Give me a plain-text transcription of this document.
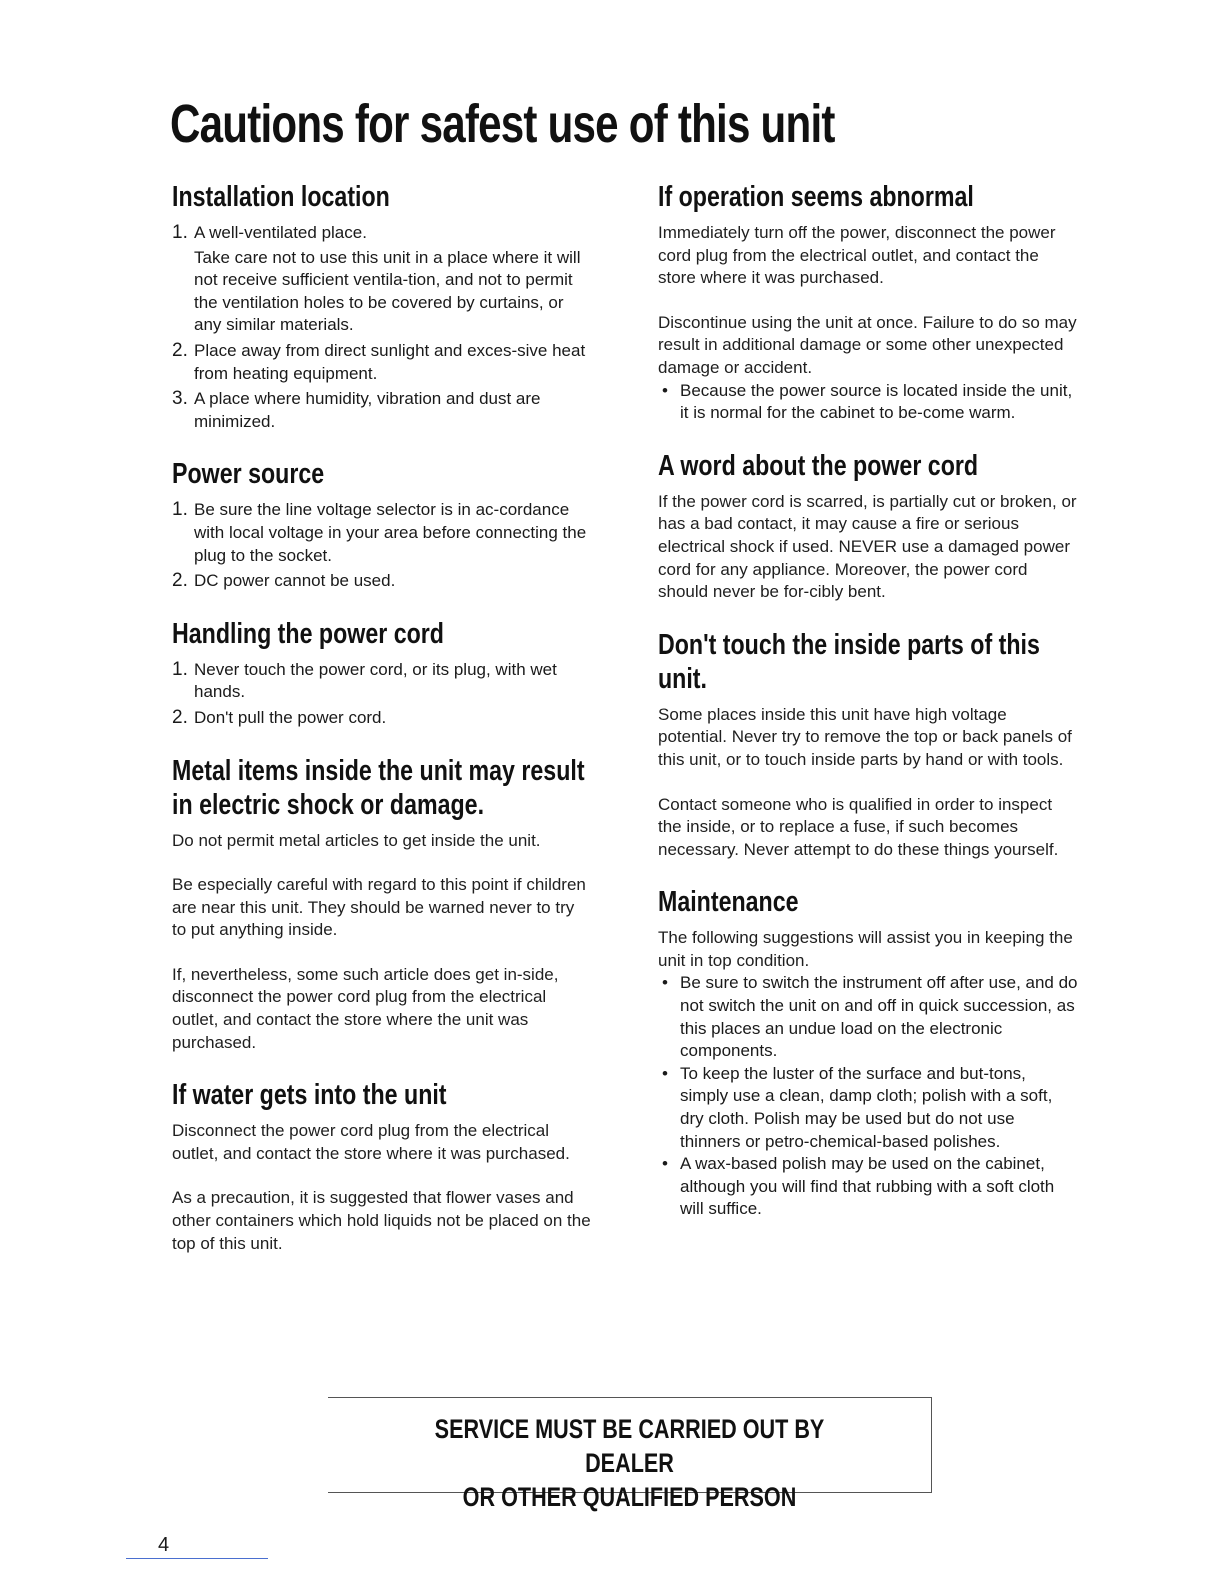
Cautions for safest use of this unit
Installation location
1. A well-ventilated place.
Take care not to use this unit in a place where it will not receive sufficient ventila-tion, and not to permit the ventilation holes to be covered by curtains, or any similar materials.
2. Place away from direct sunlight and exces-sive heat from heating equipment.
3. A place where humidity, vibration and dust are minimized.
Power source
1. Be sure the line voltage selector is in ac-cordance with local voltage in your area before connecting the plug to the socket.
2. DC power cannot be used.
Handling the power cord
1. Never touch the power cord, or its plug, with wet hands.
2. Don't pull the power cord.
Metal items inside the unit may result in electric shock or damage.

Do not permit metal articles to get inside the unit.

Be especially careful with regard to this point if children are near this unit. They should be warned never to try to put anything inside.

If, nevertheless, some such article does get in-side, disconnect the power cord plug from the electrical outlet, and contact the store where the unit was purchased.

If water gets into the unit

Disconnect the power cord plug from the electrical outlet, and contact the store where it was purchased.

As a precaution, it is suggested that flower vases and other containers which hold liquids not be placed on the top of this unit.

If operation seems abnormal

Immediately turn off the power, disconnect the power cord plug from the electrical outlet, and contact the store where it was purchased.

Discontinue using the unit at once. Failure to do so may result in additional damage or some other unexpected damage or accident.

• Because the power source is located inside the unit, it is normal for the cabinet to be-come warm.
A word about the power cord

If the power cord is scarred, is partially cut or broken, or has a bad contact, it may cause a fire or serious electrical shock if used. NEVER use a damaged power cord for any appliance. Moreover, the power cord should never be for-cibly bent.

Don't touch the inside parts of this unit.

Some places inside this unit have high voltage potential. Never try to remove the top or back panels of this unit, or to touch inside parts by hand or with tools.

Contact someone who is qualified in order to inspect the inside, or to replace a fuse, if such becomes necessary. Never attempt to do these things yourself.

Maintenance

The following suggestions will assist you in keeping the unit in top condition.

• Be sure to switch the instrument off after use, and do not switch the unit on and off in quick succession, as this places an undue load on the electronic components.
• To keep the luster of the surface and but-tons, simply use a clean, damp cloth; polish with a soft, dry cloth. Polish may be used but do not use thinners or petro-chemical-based polishes.
• A wax-based polish may be used on the cabinet, although you will find that rubbing with a soft cloth will suffice.
SERVICE MUST BE CARRIED OUT BY DEALER
OR OTHER QUALIFIED PERSON
4
